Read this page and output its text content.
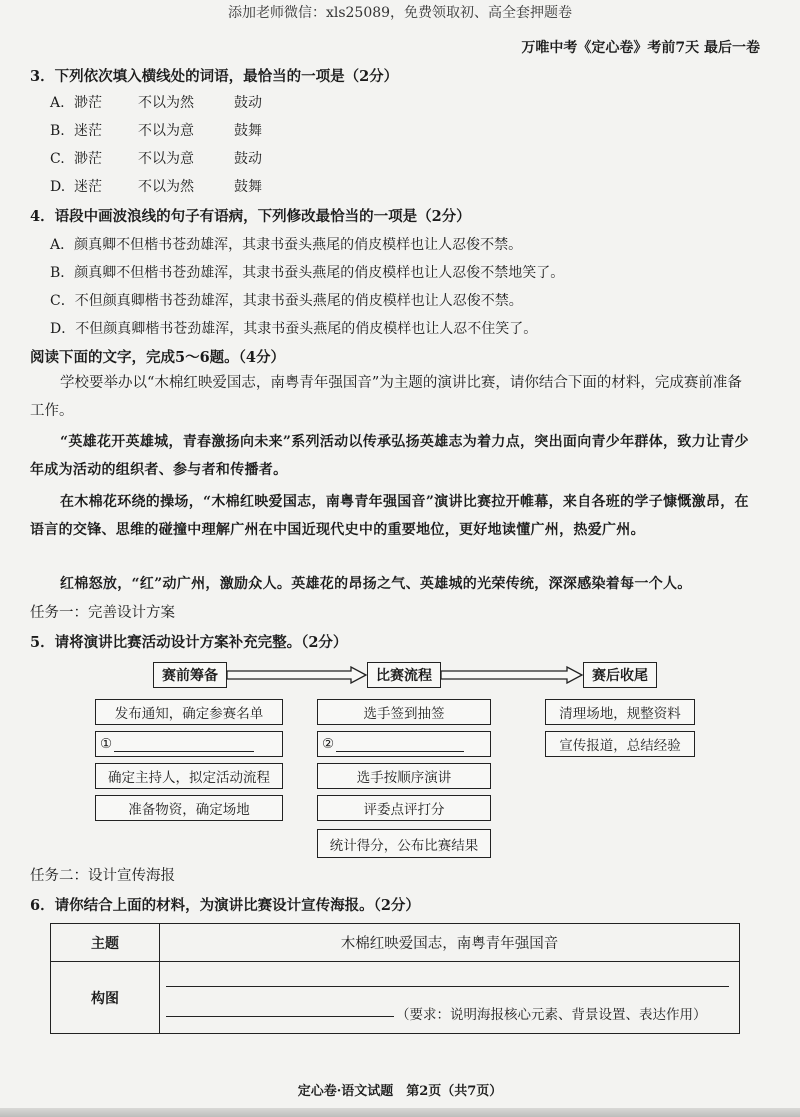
添加老师微信：xls25089，免费领取初、高全套押题卷
万唯中考《定心卷》考前7天 最后一卷
3．下列依次填入横线处的词语，最恰当的一项是（2分）
A. 渺茫	不以为然	鼓动
B. 迷茫	不以为意	鼓舞
C. 渺茫	不以为意	鼓动
D. 迷茫	不以为然	鼓舞
4．语段中画波浪线的句子有语病，下列修改最恰当的一项是（2分）
A．颜真卿不但楷书苍劲雄浑，其隶书蚕头燕尾的俏皮模样也让人忍俊不禁。
B．颜真卿不但楷书苍劲雄浑，其隶书蚕头燕尾的俏皮模样也让人忍俊不禁地笑了。
C．不但颜真卿楷书苍劲雄浑，其隶书蚕头燕尾的俏皮模样也让人忍俊不禁。
D．不但颜真卿楷书苍劲雄浑，其隶书蚕头燕尾的俏皮模样也让人忍不住笑了。
阅读下面的文字，完成5～6题。（4分）
学校要举办以“木棉红映爱国志，南粤青年强国音”为主题的演讲比赛，请你结合下面的材料，完成赛前准备工作。
“英雄花开英雄城，青春激扬向未来”系列活动以传承弘扬英雄志为着力点，突出面向青少年群体，致力让青少年成为活动的组织者、参与者和传播者。
在木棉花环绕的操场，“木棉红映爱国志，南粤青年强国音”演讲比赛拉开帷幕，来自各班的学子慷慨激昂，在语言的交锋、思维的碰撞中理解广州在中国近现代史中的重要地位，更好地读懂广州，热爱广州。
红棉怒放，“红”动广州，激励众人。英雄花的昂扬之气、英雄城的光荣传统，深深感染着每一个人。
任务一：完善设计方案
5．请将演讲比赛活动设计方案补充完整。（2分）
赛前筹备	比赛流程	赛后收尾
发布通知，确定参赛名单
①
确定主持人，拟定活动流程
准备物资，确定场地
选手签到抽签
②
选手按顺序演讲
评委点评打分
统计得分，公布比赛结果
清理场地，规整资料
宣传报道，总结经验
任务二：设计宣传海报
6．请你结合上面的材料，为演讲比赛设计宣传海报。（2分）
主题	木棉红映爱国志，南粤青年强国音
构图	（要求：说明海报核心元素、背景设置、表达作用）
定心卷·语文试题　第2页（共7页）
